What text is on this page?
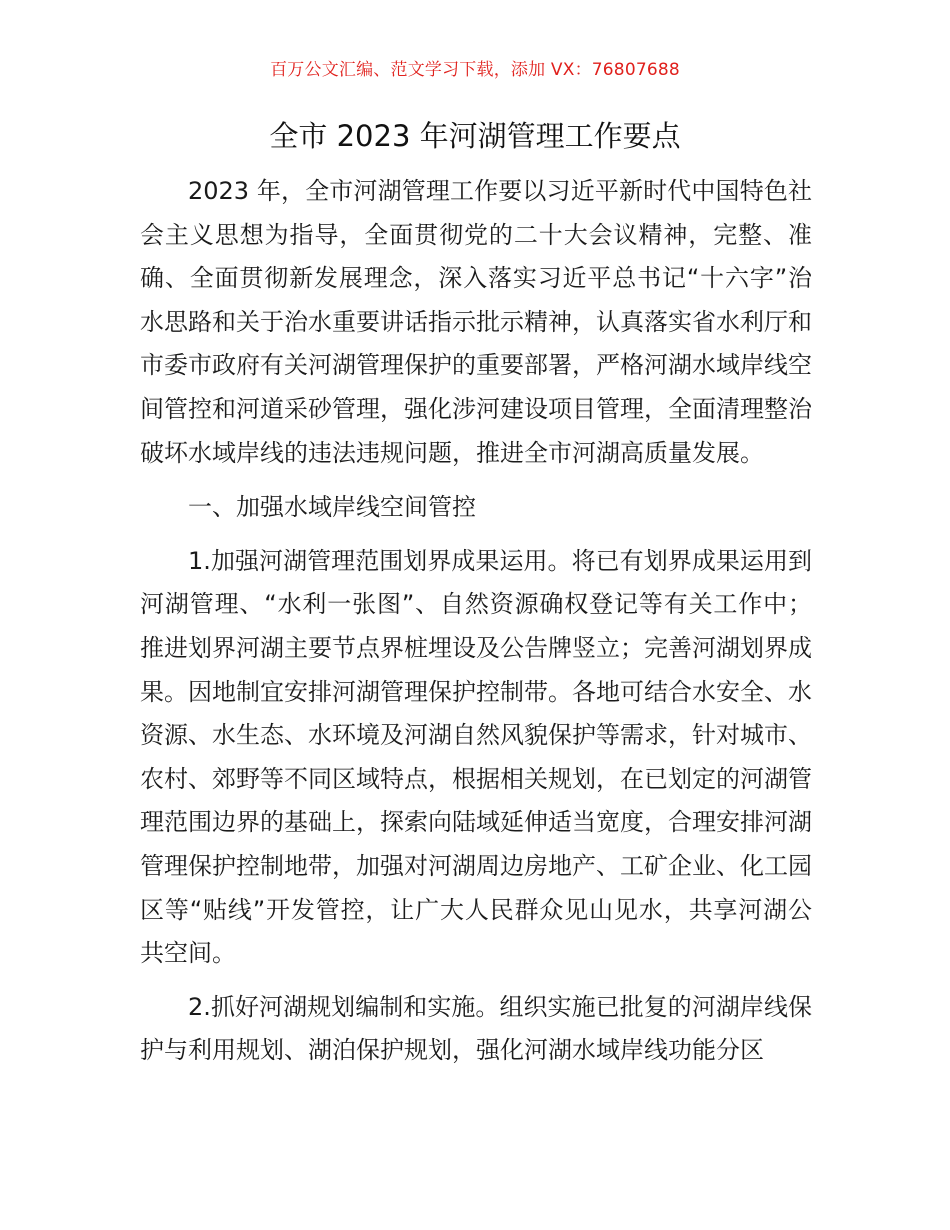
百万公文汇编、范文学习下载，添加 VX：76807688
全市 2023 年河湖管理工作要点

2023 年，全市河湖管理工作要以习近平新时代中国特色社会主义思想为指导，全面贯彻党的二十大会议精神，完整、准确、全面贯彻新发展理念，深入落实习近平总书记“十六字”治水思路和关于治水重要讲话指示批示精神，认真落实省水利厅和市委市政府有关河湖管理保护的重要部署，严格河湖水域岸线空间管控和河道采砂管理，强化涉河建设项目管理，全面清理整治破坏水域岸线的违法违规问题，推进全市河湖高质量发展。

一、加强水域岸线空间管控

1.加强河湖管理范围划界成果运用。将已有划界成果运用到河湖管理、“水利一张图”、自然资源确权登记等有关工作中；推进划界河湖主要节点界桩埋设及公告牌竖立；完善河湖划界成果。因地制宜安排河湖管理保护控制带。各地可结合水安全、水资源、水生态、水环境及河湖自然风貌保护等需求，针对城市、农村、郊野等不同区域特点，根据相关规划，在已划定的河湖管理范围边界的基础上，探索向陆域延伸适当宽度，合理安排河湖管理保护控制地带，加强对河湖周边房地产、工矿企业、化工园区等“贴线”开发管控，让广大人民群众见山见水，共享河湖公共空间。

2.抓好河湖规划编制和实施。组织实施已批复的河湖岸线保护与利用规划、湖泊保护规划，强化河湖水域岸线功能分区
